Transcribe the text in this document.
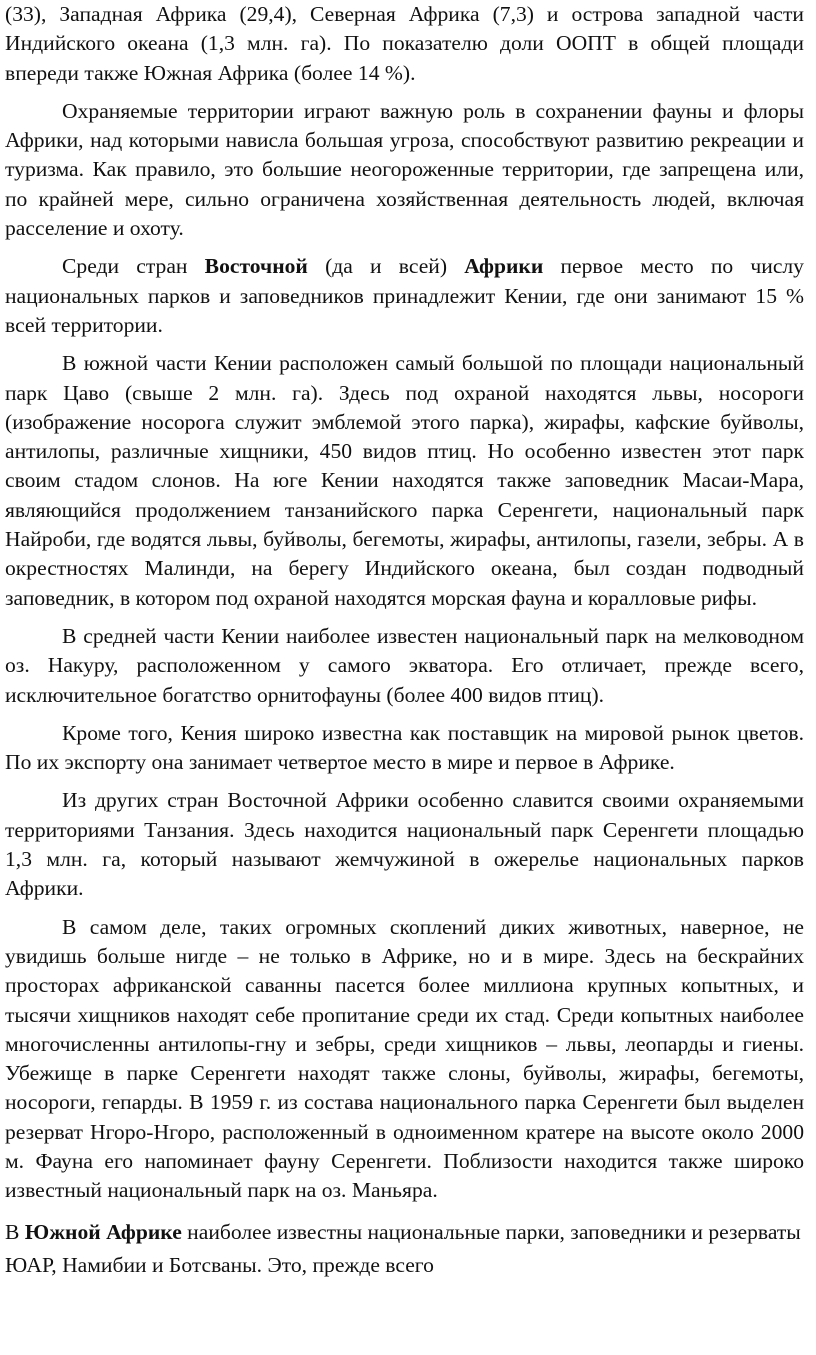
(33), Западная Африка (29,4), Северная Африка (7,3) и острова западной части Индийского океана (1,3 млн. га). По показателю доли ООПТ в общей площади впереди также Южная Африка (более 14 %).

Охраняемые территории играют важную роль в сохранении фауны и флоры Африки, над которыми нависла большая угроза, способствуют развитию рекреации и туризма. Как правило, это большие неогороженные территории, где запрещена или, по крайней мере, сильно ограничена хозяйственная деятельность людей, включая расселение и охоту.

Среди стран Восточной (да и всей) Африки первое место по числу национальных парков и заповедников принадлежит Кении, где они занимают 15 % всей территории.

В южной части Кении расположен самый большой по площади национальный парк Цаво (свыше 2 млн. га). Здесь под охраной находятся львы, носороги (изображение носорога служит эмблемой этого парка), жирафы, кафские буйволы, антилопы, различные хищники, 450 видов птиц. Но особенно известен этот парк своим стадом слонов. На юге Кении находятся также заповедник Масаи-Мара, являющийся продолжением танзанийского парка Серенгети, национальный парк Найроби, где водятся львы, буйволы, бегемоты, жирафы, антилопы, газели, зебры. А в окрестностях Малинди, на берегу Индийского океана, был создан подводный заповедник, в котором под охраной находятся морская фауна и коралловые рифы.

В средней части Кении наиболее известен национальный парк на мелководном оз. Накуру, расположенном у самого экватора. Его отличает, прежде всего, исключительное богатство орнитофауны (более 400 видов птиц).

Кроме того, Кения широко известна как поставщик на мировой рынок цветов. По их экспорту она занимает четвертое место в мире и первое в Африке.

Из других стран Восточной Африки особенно славится своими охраняемыми территориями Танзания. Здесь находится национальный парк Серенгети площадью 1,3 млн. га, который называют жемчужиной в ожерелье национальных парков Африки.

В самом деле, таких огромных скоплений диких животных, наверное, не увидишь больше нигде – не только в Африке, но и в мире. Здесь на бескрайних просторах африканской саванны пасется более миллиона крупных копытных, и тысячи хищников находят себе пропитание среди их стад. Среди копытных наиболее многочисленны антилопы-гну и зебры, среди хищников – львы, леопарды и гиены. Убежище в парке Серенгети находят также слоны, буйволы, жирафы, бегемоты, носороги, гепарды. В 1959 г. из состава национального парка Серенгети был выделен резерват Нгоро-Нгоро, расположенный в одноименном кратере на высоте около 2000 м. Фауна его напоминает фауну Серенгети. Поблизости находится также широко известный национальный парк на оз. Маньяра.

В Южной Африке наиболее известны национальные парки, заповедники и резерваты ЮАР, Намибии и Ботсваны. Это, прежде всего
